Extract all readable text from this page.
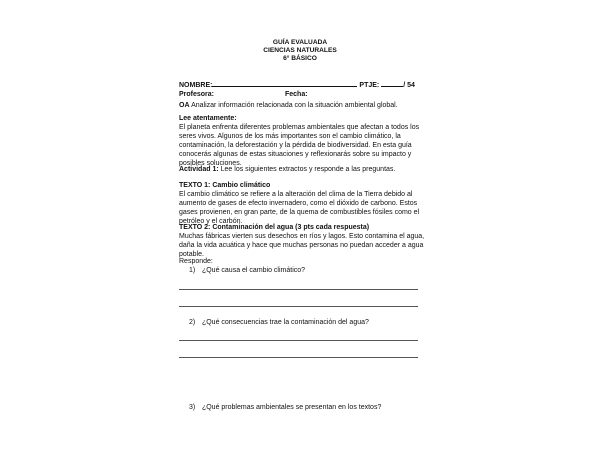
GUÍA EVALUADA
CIENCIAS NATURALES
6° BÁSICO
NOMBRE:	PTJE:	/ 54
Profesora:	Fecha:
OA Analizar información relacionada con la situación ambiental global.
Lee atentamente:
El planeta enfrenta diferentes problemas ambientales que afectan a todos los seres vivos. Algunos de los más importantes son el cambio climático, la contaminación, la deforestación y la pérdida de biodiversidad. En esta guía conocerás algunas de estas situaciones y reflexionarás sobre su impacto y posibles soluciones.
Actividad 1: Lee los siguientes extractos y responde a las preguntas.
TEXTO 1: Cambio climático
El cambio climático se refiere a la alteración del clima de la Tierra debido al aumento de gases de efecto invernadero, como el dióxido de carbono. Estos gases provienen, en gran parte, de la quema de combustibles fósiles como el petróleo y el carbón.
TEXTO 2: Contaminación del agua (3 pts cada respuesta)
Muchas fábricas vierten sus desechos en ríos y lagos. Esto contamina el agua, daña la vida acuática y hace que muchas personas no puedan acceder a agua potable.
Responde:
1) ¿Qué causa el cambio climático?
2) ¿Qué consecuencias trae la contaminación del agua?
3) ¿Qué problemas ambientales se presentan en los textos?
